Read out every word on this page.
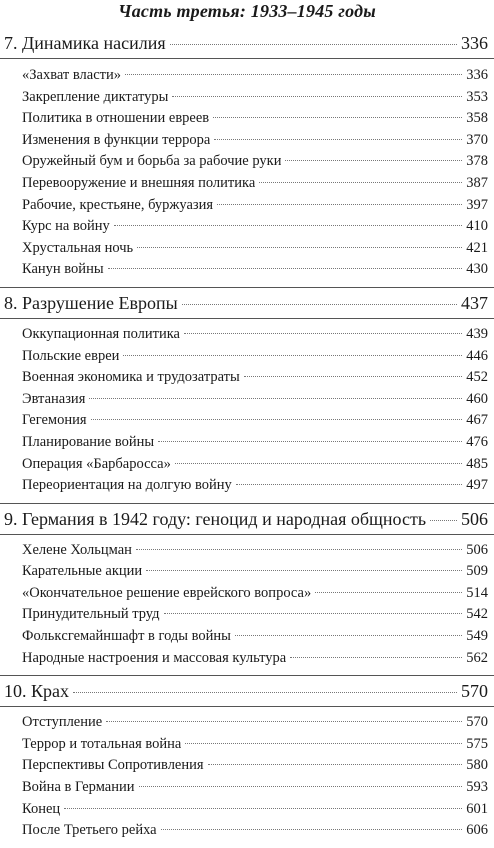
Часть третья: 1933–1945 годы
7. Динамика насилия	336
«Захват власти»	336
Закрепление диктатуры	353
Политика в отношении евреев	358
Изменения в функции террора	370
Оружейный бум и борьба за рабочие руки	378
Перевооружение и внешняя политика	387
Рабочие, крестьяне, буржуазия	397
Курс на войну	410
Хрустальная ночь	421
Канун войны	430
8. Разрушение Европы	437
Оккупационная политика	439
Польские евреи	446
Военная экономика и трудозатраты	452
Эвтаназия	460
Гегемония	467
Планирование войны	476
Операция «Барбаросса»	485
Переориентация на долгую войну	497
9. Германия в 1942 году: геноцид и народная общность 506
Хелене Хольцман	506
Карательные акции	509
«Окончательное решение еврейского вопроса»	514
Принудительный труд	542
Фолькcгемайншафт в годы войны	549
Народные настроения и массовая культура	562
10. Крах	570
Отступление	570
Террор и тотальная война	575
Перспективы Сопротивления	580
Война в Германии	593
Конец	601
После Третьего рейха	606
